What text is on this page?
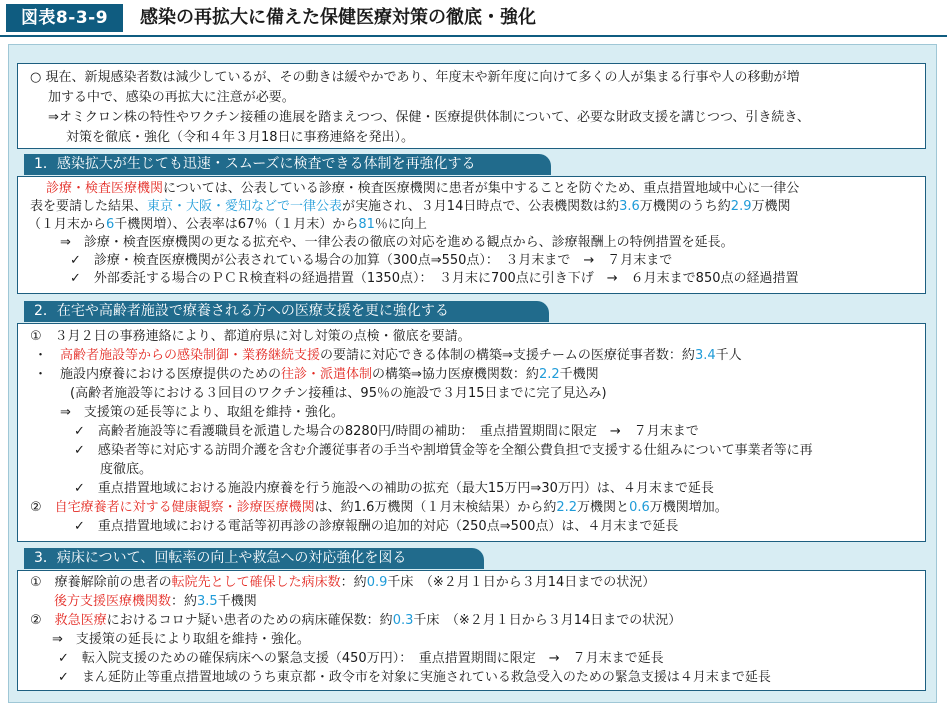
図表8-3-9	感染の再拡大に備えた保健医療対策の徹底・強化
○ 現在、新規感染者数は減少しているが、その動きは緩やかであり、年度末や新年度に向けて多くの人が集まる行事や人の移動が増
加する中で、感染の再拡大に注意が必要。
⇒オミクロン株の特性やワクチン接種の進展を踏まえつつ、保健・医療提供体制について、必要な財政支援を講じつつ、引き続き、
対策を徹底・強化（令和４年３月18日に事務連絡を発出）。
1．感染拡大が生じても迅速・スムーズに検査できる体制を再強化する
診療・検査医療機関については、公表している診療・検査医療機関に患者が集中することを防ぐため、重点措置地域中心に一律公
表を要請した結果、東京・大阪・愛知などで一律公表が実施され、３月14日時点で、公表機関数は約3.6万機関のうち約2.9万機関
（１月末から6千機関増）、公表率は67％（１月末）から81％に向上
⇒　診療・検査医療機関の更なる拡充や、一律公表の徹底の対応を進める観点から、診療報酬上の特例措置を延長。
✓　診療・検査医療機関が公表されている場合の加算（300点⇒550点）：　３月末まで　→　７月末まで
✓　外部委託する場合のＰＣＲ検査料の経過措置（1350点）：　３月末に700点に引き下げ　→　６月末まで850点の経過措置
2．在宅や高齢者施設で療養される方への医療支援を更に強化する
①　３月２日の事務連絡により、都道府県に対し対策の点検・徹底を要請。
・　高齢者施設等からの感染制御・業務継続支援の要請に対応できる体制の構築⇒支援チームの医療従事者数：約3.4千人
・　施設内療養における医療提供のための往診・派遣体制の構築⇒協力医療機関数：約2.2千機関
(高齢者施設等における３回目のワクチン接種は、95％の施設で３月15日までに完了見込み)
⇒　支援策の延長等により、取組を維持・強化。
✓　高齢者施設等に看護職員を派遣した場合の8280円/時間の補助：　重点措置期間に限定　→　７月末まで
✓　感染者等に対応する訪問介護を含む介護従事者の手当や割増賃金等を全額公費負担で支援する仕組みについて事業者等に再
度徹底。
✓　重点措置地域における施設内療養を行う施設への補助の拡充（最大15万円⇒30万円）は、４月末まで延長
②　自宅療養者に対する健康観察・診療医療機関は、約1.6万機関（１月末検結果）から約2.2万機関と0.6万機関増加。
✓　重点措置地域における電話等初再診の診療報酬の追加的対応（250点⇒500点）は、４月末まで延長
3．病床について、回転率の向上や救急への対応強化を図る
①　療養解除前の患者の転院先として確保した病床数：約0.9千床　（※２月１日から３月14日までの状況）
後方支援医療機関数：約3.5千機関
②　救急医療におけるコロナ疑い患者のための病床確保数：約0.3千床　（※２月１日から３月14日までの状況）
⇒　支援策の延長により取組を維持・強化。
✓　転入院支援のための確保病床への緊急支援（450万円）：　重点措置期間に限定　→　７月末まで延長
✓　まん延防止等重点措置地域のうち東京都・政令市を対象に実施されている救急受入のための緊急支援は４月末まで延長
